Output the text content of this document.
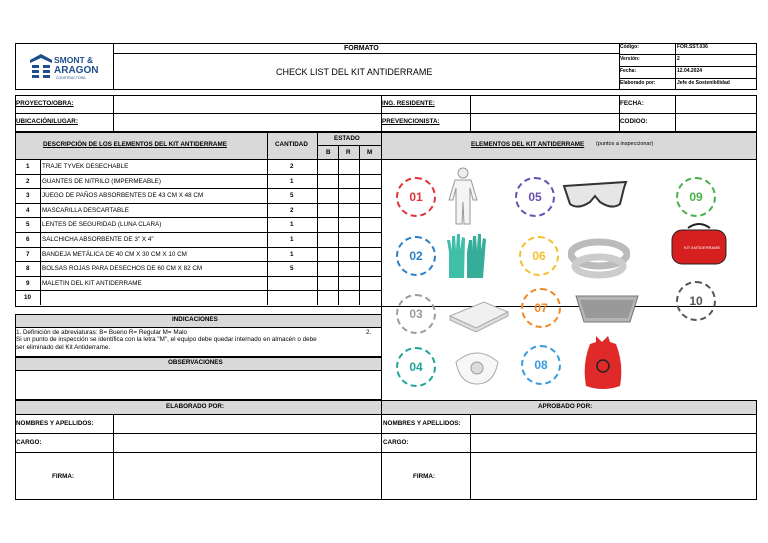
SMONT &
ARAGON
CONSTRUCTORA
FORMATO
CHECK LIST DEL KIT ANTIDERRAME
Código:	FOR.SST.036
Versión:	2
Fecha:	12.04.2024
Elaborado por:	Jefe de Sostenibilidad
PROYECTO/OBRA:	ING. RESIDENTE:	FECHA:
UBICACIÓN/LUGAR:	PREVENCIONISTA:	CODIOO:
DESCRIPCIÓN DE LOS ELEMENTOS DEL KIT ANTIDERRAME	CANTIDAD
ESTADO
B R	M
ELEMENTOS DEL KIT ANTIDERRAME (puntos a inspeccionar)
1 TRAJE TYVEK DESECHABLE	2
2 GUANTES DE NITRILO (IMPERMEABLE)	1
3 JUEGO DE PAÑOS ABSORBENTES DE 43 CM X 48 CM	5
4 MASCARILLA DESCARTABLE	2
5 LENTES DE SEGURIDAD (LUNA CLARA)	1
6 SALCHICHA ABSORBENTE DE 3" X 4"	1
7 BANDEJA METÁLICA DE 40 CM X 30 CM X 10 CM	1
8 BOLSAS ROJAS PARA DESECHOS DE 60 CM X 82 CM	5
9 MALETIN DEL KIT ANTIDERRAME
10
01
02
03
04
05
06
07
08
09
10
KIT ANTIDERRAME
INDICACIONES
1. Definición de abreviaturas: B= Bueno R= Regular M= Malo	2.
Si un punto de inspección se identifica con la letra "M", el equipo debe quedar internado en almacén o debe
ser eliminado del Kit Antiderrame.
OBSERVACIONES
ELABORADO POR:	APROBADO POR:
NOMBRES Y APELLIDOS:	NOMBRES Y APELLIDOS:
CARGO:	CARGO:
FIRMA:	FIRMA:
